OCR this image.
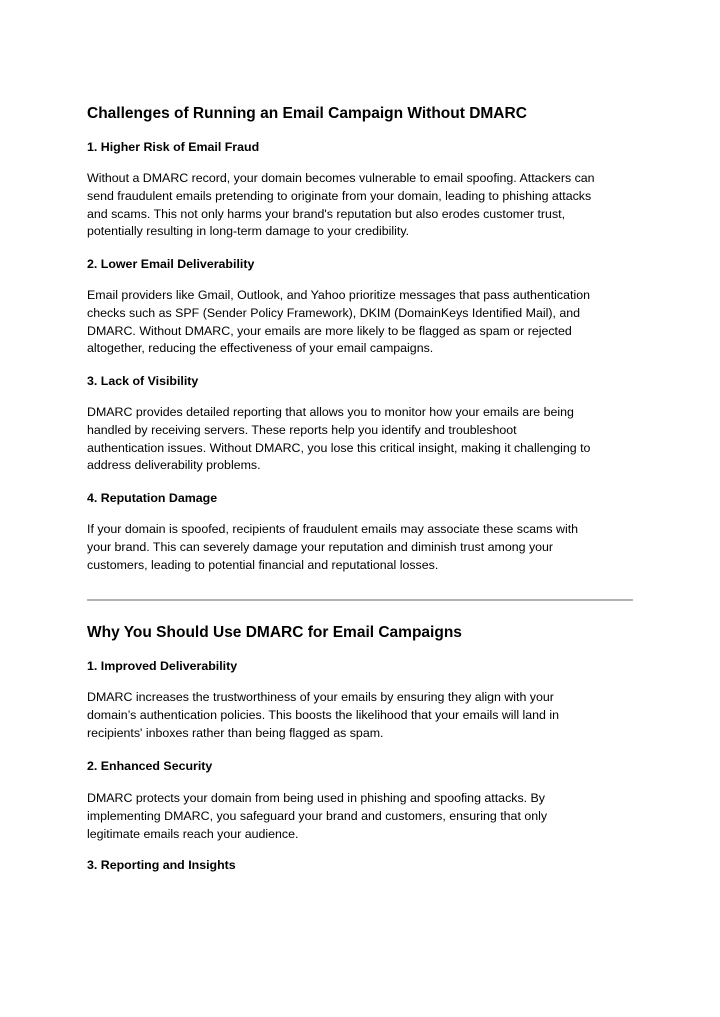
Challenges of Running an Email Campaign Without DMARC
1. Higher Risk of Email Fraud
Without a DMARC record, your domain becomes vulnerable to email spoofing. Attackers can
send fraudulent emails pretending to originate from your domain, leading to phishing attacks
and scams. This not only harms your brand's reputation but also erodes customer trust,
potentially resulting in long-term damage to your credibility.
2. Lower Email Deliverability
Email providers like Gmail, Outlook, and Yahoo prioritize messages that pass authentication
checks such as SPF (Sender Policy Framework), DKIM (DomainKeys Identified Mail), and
DMARC. Without DMARC, your emails are more likely to be flagged as spam or rejected
altogether, reducing the effectiveness of your email campaigns.
3. Lack of Visibility
DMARC provides detailed reporting that allows you to monitor how your emails are being
handled by receiving servers. These reports help you identify and troubleshoot
authentication issues. Without DMARC, you lose this critical insight, making it challenging to
address deliverability problems.
4. Reputation Damage
If your domain is spoofed, recipients of fraudulent emails may associate these scams with
your brand. This can severely damage your reputation and diminish trust among your
customers, leading to potential financial and reputational losses.
Why You Should Use DMARC for Email Campaigns
1. Improved Deliverability
DMARC increases the trustworthiness of your emails by ensuring they align with your
domain’s authentication policies. This boosts the likelihood that your emails will land in
recipients' inboxes rather than being flagged as spam.
2. Enhanced Security
DMARC protects your domain from being used in phishing and spoofing attacks. By
implementing DMARC, you safeguard your brand and customers, ensuring that only
legitimate emails reach your audience.
3. Reporting and Insights
